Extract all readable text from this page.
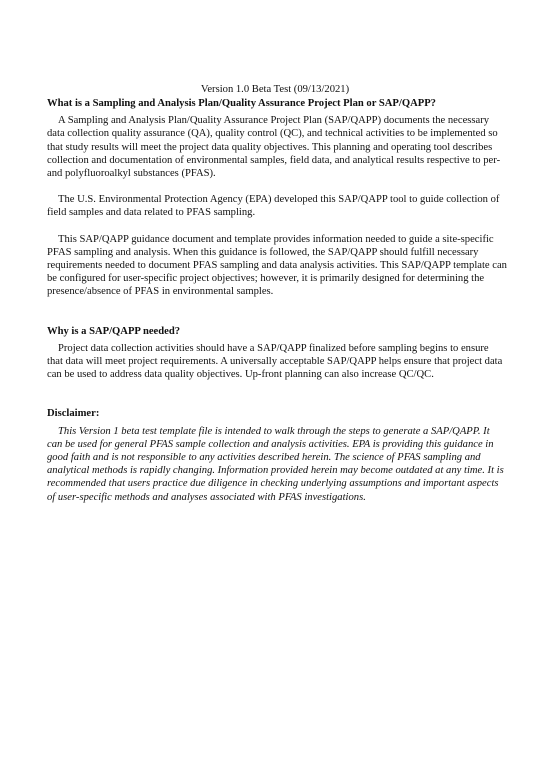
Version 1.0 Beta Test (09/13/2021)
What is a Sampling and Analysis Plan/Quality Assurance Project Plan or SAP/QAPP?

A Sampling and Analysis Plan/Quality Assurance Project Plan (SAP/QAPP) documents the necessary data collection quality assurance (QA), quality control (QC), and technical activities to be implemented so that study results will meet the project data quality objectives. This planning and operating tool describes collection and documentation of environmental samples, field data, and analytical results respective to per- and polyfluoroalkyl substances (PFAS).

The U.S. Environmental Protection Agency (EPA) developed this SAP/QAPP tool to guide collection of field samples and data related to PFAS sampling.

This SAP/QAPP guidance document and template provides information needed to guide a site-specific PFAS sampling and analysis. When this guidance is followed, the SAP/QAPP should fulfill necessary requirements needed to document PFAS sampling and data analysis activities. This SAP/QAPP template can be configured for user-specific project objectives; however, it is primarily designed for determining the presence/absence of PFAS in environmental samples.

Why is a SAP/QAPP needed?

Project data collection activities should have a SAP/QAPP finalized before sampling begins to ensure that data will meet project requirements. A universally acceptable SAP/QAPP helps ensure that project data can be used to address data quality objectives. Up-front planning can also increase QC/QC.

Disclaimer:

This Version 1 beta test template file is intended to walk through the steps to generate a SAP/QAPP. It can be used for general PFAS sample collection and analysis activities. EPA is providing this guidance in good faith and is not responsible to any activities described herein. The science of PFAS sampling and analytical methods is rapidly changing. Information provided herein may become outdated at any time. It is recommended that users practice due diligence in checking underlying assumptions and important aspects of user-specific methods and analyses associated with PFAS investigations.
